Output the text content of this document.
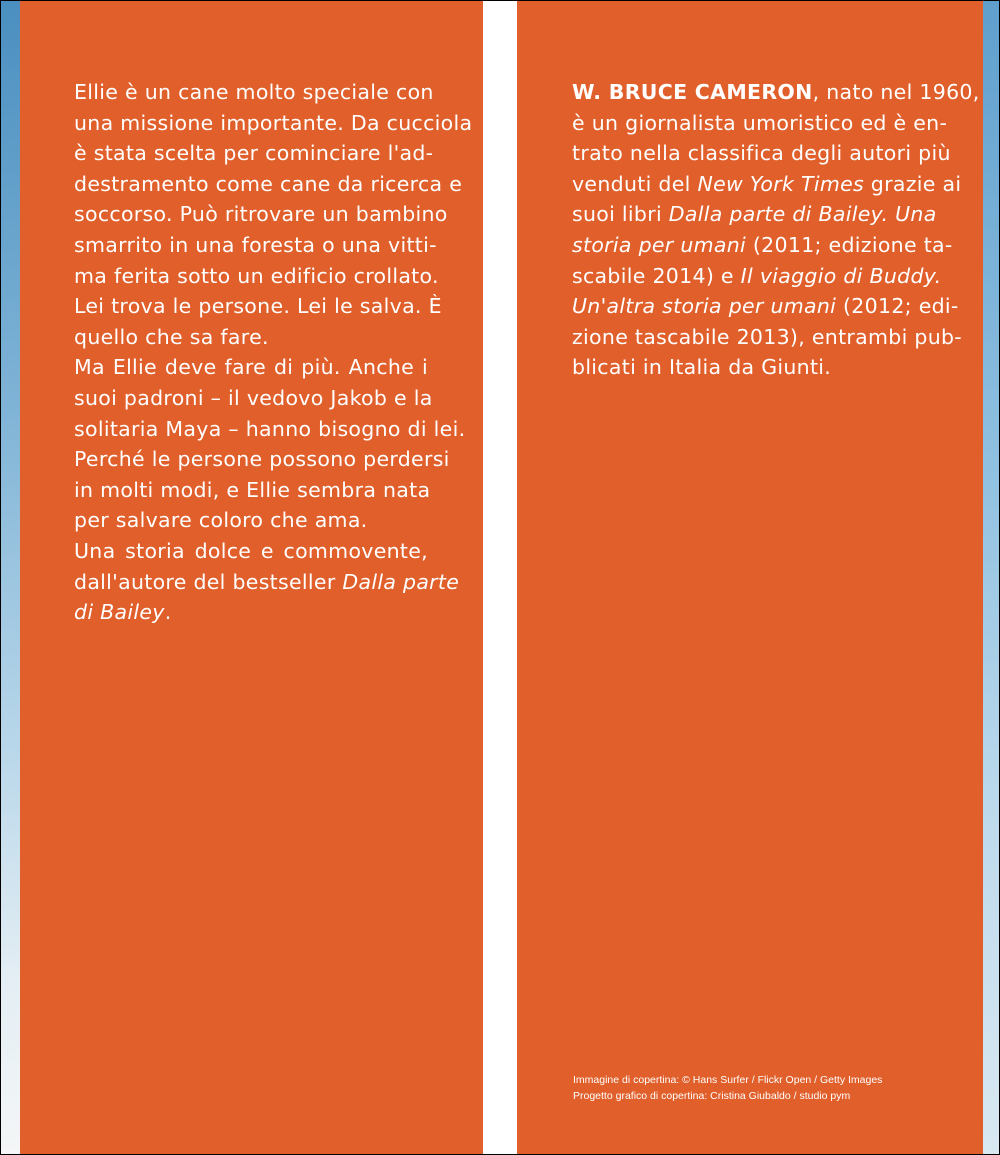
Ellie è un cane molto speciale con
una missione importante. Da cucciola
è stata scelta per cominciare l'ad-
destramento come cane da ricerca e
soccorso. Può ritrovare un bambino
smarrito in una foresta o una vitti-
ma ferita sotto un edificio crollato.
Lei trova le persone. Lei le salva. È
quello che sa fare.
Ma Ellie deve fare di più. Anche i
suoi padroni – il vedovo Jakob e la
solitaria Maya – hanno bisogno di lei.
Perché le persone possono perdersi
in molti modi, e Ellie sembra nata
per salvare coloro che ama.
Una storia dolce e commovente,
dall'autore del bestseller Dalla parte
di Bailey.
W. BRUCE CAMERON, nato nel 1960,
è un giornalista umoristico ed è en-
trato nella classifica degli autori più
venduti del New York Times grazie ai
suoi libri Dalla parte di Bailey. Una
storia per umani (2011; edizione ta-
scabile 2014) e Il viaggio di Buddy.
Un'altra storia per umani (2012; edi-
zione tascabile 2013), entrambi pub-
blicati in Italia da Giunti.
Immagine di copertina: © Hans Surfer / Flickr Open / Getty Images
Progetto grafico di copertina: Cristina Giubaldo / studio pym
